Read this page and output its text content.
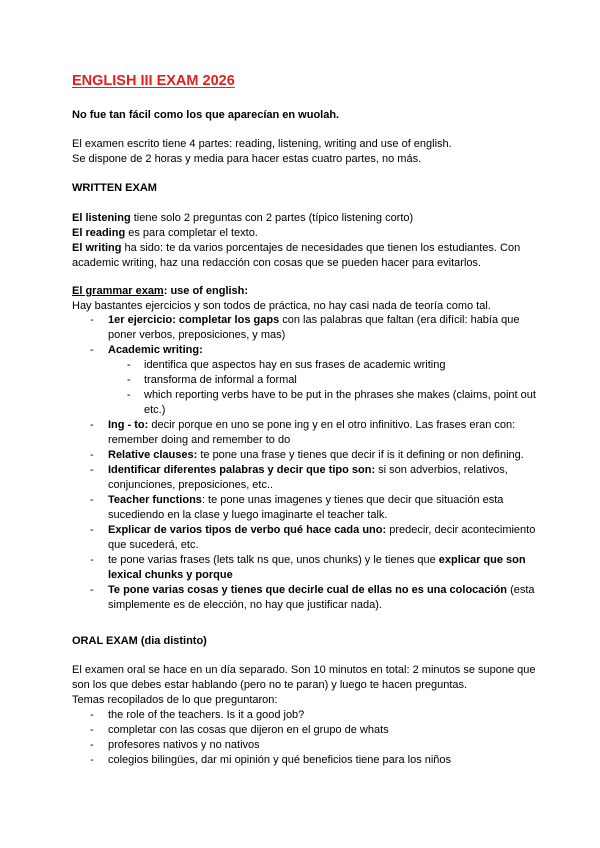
ENGLISH III EXAM 2026
No fue tan fácil como los que aparecían en wuolah.
El examen escrito tiene 4 partes: reading, listening, writing and use of english.
Se dispone de 2 horas y media para hacer estas cuatro partes, no más.
WRITTEN EXAM
El listening tiene solo 2 preguntas con 2 partes (típico listening corto)
El reading es para completar el texto.
El writing ha sido: te da varios porcentajes de necesidades que tienen los estudiantes. Con academic writing, haz una redacción con cosas que se pueden hacer para evitarlos.
El grammar exam: use of english:
Hay bastantes ejercicios y son todos de práctica, no hay casi nada de teoría como tal.
- 1er ejercicio: completar los gaps con las palabras que faltan (era difícil: había que poner verbos, preposiciones, y mas)
- Academic writing:
- identifica que aspectos hay en sus frases de academic writing
- transforma de informal a formal
- which reporting verbs have to be put in the phrases she makes (claims, point out etc.)
- Ing - to: decir porque en uno se pone ing y en el otro infinitivo. Las frases eran con: remember doing and remember to do
- Relative clauses: te pone una frase y tienes que decir if is it defining or non defining.
- Identificar diferentes palabras y decir que tipo son: si son adverbios, relativos, conjunciones, preposiciones, etc..
- Teacher functions: te pone unas imagenes y tienes que decir que situación esta sucediendo en la clase y luego imaginarte el teacher talk.
- Explicar de varios tipos de verbo qué hace cada uno: predecir, decir acontecimiento que sucederá, etc.
- te pone varias frases (lets talk ns que, unos chunks) y le tienes que explicar que son lexical chunks y porque
- Te pone varias cosas y tienes que decirle cual de ellas no es una colocación (esta simplemente es de elección, no hay que justificar nada).
ORAL EXAM (dia distinto)
El examen oral se hace en un día separado. Son 10 minutos en total: 2 minutos se supone que son los que debes estar hablando (pero no te paran) y luego te hacen preguntas.
Temas recopilados de lo que preguntaron:
- the role of the teachers. Is it a good job?
- completar con las cosas que dijeron en el grupo de whats
- profesores nativos y no nativos
- colegios bilingües, dar mi opinión y qué beneficios tiene para los niños
